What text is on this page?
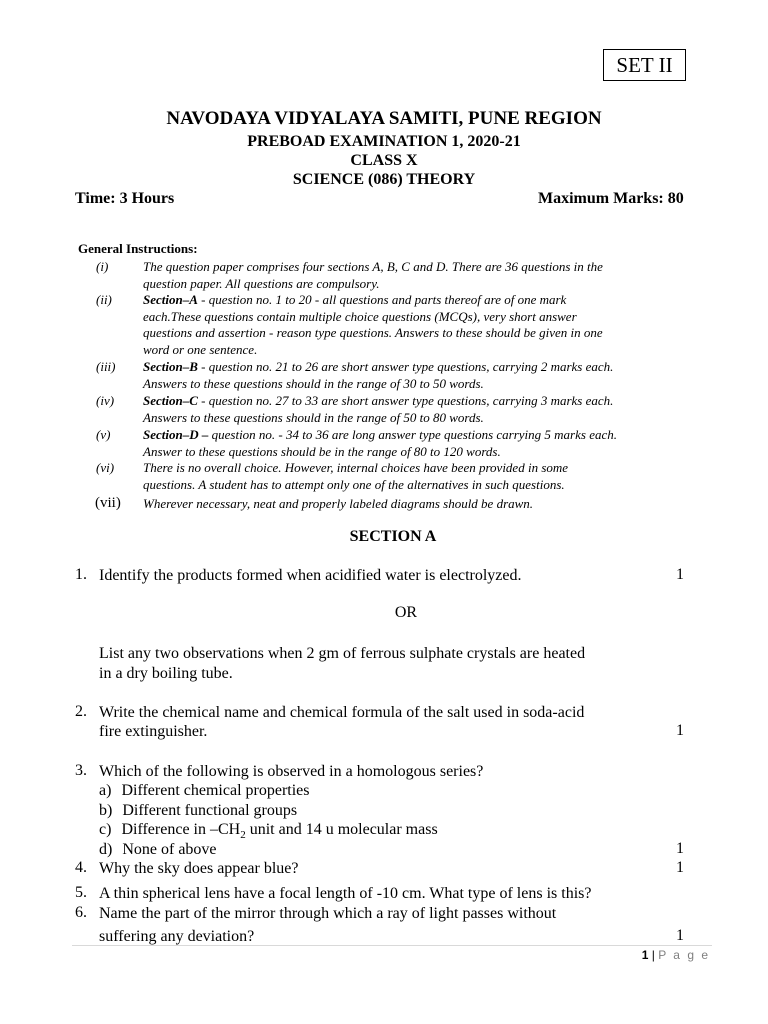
SET II
NAVODAYA VIDYALAYA SAMITI, PUNE REGION
PREBOAD EXAMINATION 1, 2020-21
CLASS X
SCIENCE (086) THEORY
Time: 3 Hours	Maximum Marks: 80
General Instructions:
(i)	The question paper comprises four sections A, B, C and D. There are 36 questions in the
question paper. All questions are compulsory.
(ii) Section–A - question no. 1 to 20 - all questions and parts thereof are of one mark
each.These questions contain multiple choice questions (MCQs), very short answer
questions and assertion - reason type questions. Answers to these should be given in one
word or one sentence.
(iii) Section–B - question no. 21 to 26 are short answer type questions, carrying 2 marks each.
Answers to these questions should in the range of 30 to 50 words.
(iv) Section–C - question no. 27 to 33 are short answer type questions, carrying 3 marks each.
Answers to these questions should in the range of 50 to 80 words.
(v)	Section–D – question no. - 34 to 36 are long answer type questions carrying 5 marks each.
Answer to these questions should be in the range of 80 to 120 words.
(vi) There is no overall choice. However, internal choices have been provided in some
questions. A student has to attempt only one of the alternatives in such questions.
(vii) Wherever necessary, neat and properly labeled diagrams should be drawn.
SECTION A
1. Identify the products formed when acidified water is electrolyzed.	1
OR
List any two observations when 2 gm of ferrous sulphate crystals are heated
in a dry boiling tube.
2. Write the chemical name and chemical formula of the salt used in soda-acid
fire extinguisher.	1
3. Which of the following is observed in a homologous series?
a) Different chemical properties
b) Different functional groups
c) Difference in $-CH_2$ unit and 14 u molecular mass
d) None of above	1
4. Why the sky does appear blue?	1
5. A thin spherical lens have a focal length of -10 cm. What type of lens is this?
6. Name the part of the mirror through which a ray of light passes without
suffering any deviation?	1
1 | P a g e
